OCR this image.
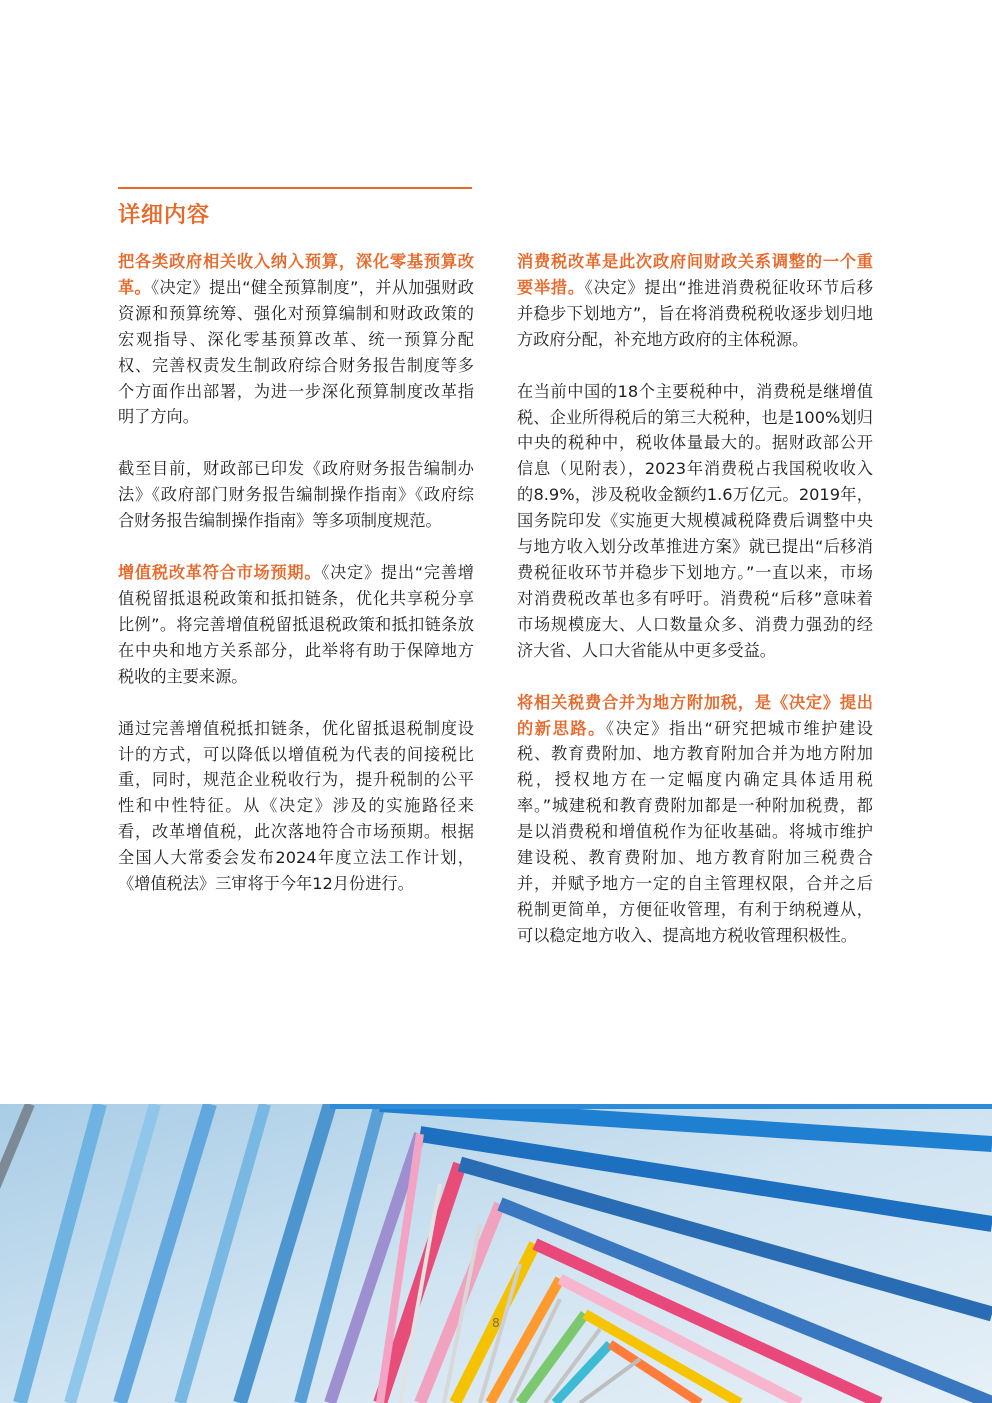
详细内容

把各类政府相关收入纳入预算，深化零基预算改革。《决定》提出“健全预算制度”，并从加强财政资源和预算统筹、强化对预算编制和财政政策的宏观指导、深化零基预算改革、统一预算分配权、完善权责发生制政府综合财务报告制度等多个方面作出部署，为进一步深化预算制度改革指明了方向。

截至目前，财政部已印发《政府财务报告编制办法》《政府部门财务报告编制操作指南》《政府综合财务报告编制操作指南》等多项制度规范。

增值税改革符合市场预期。《决定》提出“完善增值税留抵退税政策和抵扣链条，优化共享税分享比例”。将完善增值税留抵退税政策和抵扣链条放在中央和地方关系部分，此举将有助于保障地方税收的主要来源。

通过完善增值税抵扣链条，优化留抵退税制度设计的方式，可以降低以增值税为代表的间接税比重，同时，规范企业税收行为，提升税制的公平性和中性特征。从《决定》涉及的实施路径来看，改革增值税，此次落地符合市场预期。根据全国人大常委会发布2024年度立法工作计划，《增值税法》三审将于今年12月份进行。

消费税改革是此次政府间财政关系调整的一个重要举措。《决定》提出“推进消费税征收环节后移并稳步下划地方”，旨在将消费税税收逐步划归地方政府分配，补充地方政府的主体税源。

在当前中国的18个主要税种中，消费税是继增值税、企业所得税后的第三大税种，也是100%划归中央的税种中，税收体量最大的。据财政部公开信息（见附表），2023年消费税占我国税收收入的8.9%，涉及税收金额约1.6万亿元。2019年，国务院印发《实施更大规模减税降费后调整中央与地方收入划分改革推进方案》就已提出“后移消费税征收环节并稳步下划地方。”一直以来，市场对消费税改革也多有呼吁。消费税“后移”意味着市场规模庞大、人口数量众多、消费力强劲的经济大省、人口大省能从中更多受益。

将相关税费合并为地方附加税，是《决定》提出的新思路。《决定》指出“研究把城市维护建设税、教育费附加、地方教育附加合并为地方附加税，授权地方在一定幅度内确定具体适用税率。”城建税和教育费附加都是一种附加税费，都是以消费税和增值税作为征收基础。将城市维护建设税、教育费附加、地方教育附加三税费合并，并赋予地方一定的自主管理权限，合并之后税制更简单，方便征收管理，有利于纳税遵从，可以稳定地方收入、提高地方税收管理积极性。

8
